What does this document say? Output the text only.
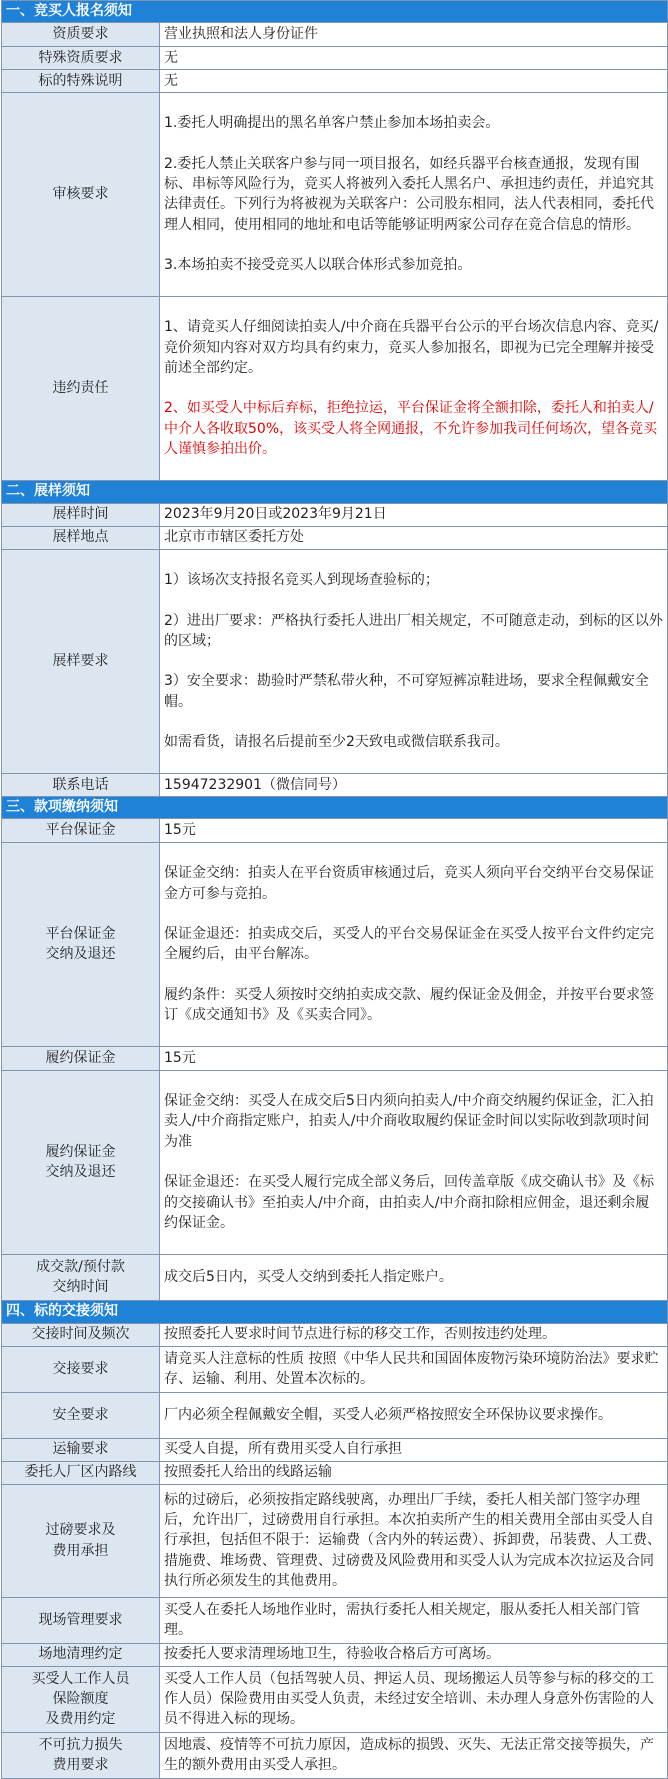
一、竞买人报名须知	
资质要求	营业执照和法人身份证件

特殊资质要求	无

标的特殊说明	无

审核要求	1.委托人明确提出的黑名单客户禁止参加本场拍卖会。

2.委托人禁止关联客户参与同一项目报名，如经兵器平台核查通报，发现有围标、串标等风险行为，竞买人将被列入委托人黑名户、承担违约责任，并追究其法律责任。下列行为将被视为关联客户：公司股东相同，法人代表相同，委托代理人相同，使用相同的地址和电话等能够证明两家公司存在竞合信息的情形。

3.本场拍卖不接受竞买人以联合体形式参加竞拍。

违约责任	1、请竞买人仔细阅读拍卖人/中介商在兵器平台公示的平台场次信息内容、竞买/竞价须知内容对双方均具有约束力，竞买人参加报名，即视为已完全理解并接受前述全部约定。

2、如买受人中标后弃标，拒绝拉运，平台保证金将全额扣除，委托人和拍卖人/中介人各收取50%，该买受人将全网通报，不允许参加我司任何场次，望各竞买人谨慎参拍出价。

二、展样须知	
展样时间	2023年9月20日或2023年9月21日

展样地点	北京市市辖区委托方处

展样要求	1）该场次支持报名竞买人到现场查验标的；

2）进出厂要求：严格执行委托人进出厂相关规定，不可随意走动，到标的区以外的区域；

3）安全要求：勘验时严禁私带火种，不可穿短裤凉鞋进场，要求全程佩戴安全帽。

如需看货，请报名后提前至少2天致电或微信联系我司。

联系电话	15947232901（微信同号）

三、款项缴纳须知	
平台保证金	15元

平台保证金
交纳及退还	保证金交纳：拍卖人在平台资质审核通过后，竞买人须向平台交纳平台交易保证金方可参与竞拍。

保证金退还：拍卖成交后，买受人的平台交易保证金在买受人按平台文件约定完全履约后，由平台解冻。

履约条件：买受人须按时交纳拍卖成交款、履约保证金及佣金，并按平台要求签订《成交通知书》及《买卖合同》。

履约保证金	15元

履约保证金
交纳及退还	保证金交纳：买受人在成交后5日内须向拍卖人/中介商交纳履约保证金，汇入拍卖人/中介商指定账户，拍卖人/中介商收取履约保证金时间以实际收到款项时间为准

保证金退还：在买受人履行完成全部义务后，回传盖章版《成交确认书》及《标的交接确认书》至拍卖人/中介商，由拍卖人/中介商扣除相应佣金，退还剩余履约保证金。

成交款/预付款
交纳时间	成交后5日内，买受人交纳到委托人指定账户。

四、标的交接须知	
交接时间及频次	按照委托人要求时间节点进行标的移交工作，否则按违约处理。

交接要求	请竞买人注意标的性质 按照《中华人民共和国固体废物污染环境防治法》要求贮存、运输、利用、处置本次标的。

安全要求	厂内必须全程佩戴安全帽，买受人必须严格按照安全环保协议要求操作。

运输要求	买受人自提，所有费用买受人自行承担

委托人厂区内路线	按照委托人给出的线路运输

过磅要求及
费用承担	标的过磅后，必须按指定路线驶离，办理出厂手续，委托人相关部门签字办理后，允许出厂，过磅费用自行承担。本次拍卖所产生的相关费用全部由买受人自行承担，包括但不限于：运输费（含内外的转运费）、拆卸费，吊装费、人工费、措施费、堆场费、管理费、过磅费及风险费用和买受人认为完成本次拉运及合同执行所必须发生的其他费用。

现场管理要求	买受人在委托人场地作业时，需执行委托人相关规定，服从委托人相关部门管理。

场地清理约定	按委托人要求清理场地卫生，待验收合格后方可离场。

买受人工作人员
保险额度
及费用约定	买受人工作人员（包括驾驶人员、押运人员、现场搬运人员等参与标的移交的工作人员）保险费用由买受人负责，未经过安全培训、未办理人身意外伤害险的人员不得进入标的现场。

不可抗力损失
费用要求	因地震、疫情等不可抗力原因，造成标的损毁、灭失、无法正常交接等损失，产生的额外费用由买受人承担。
